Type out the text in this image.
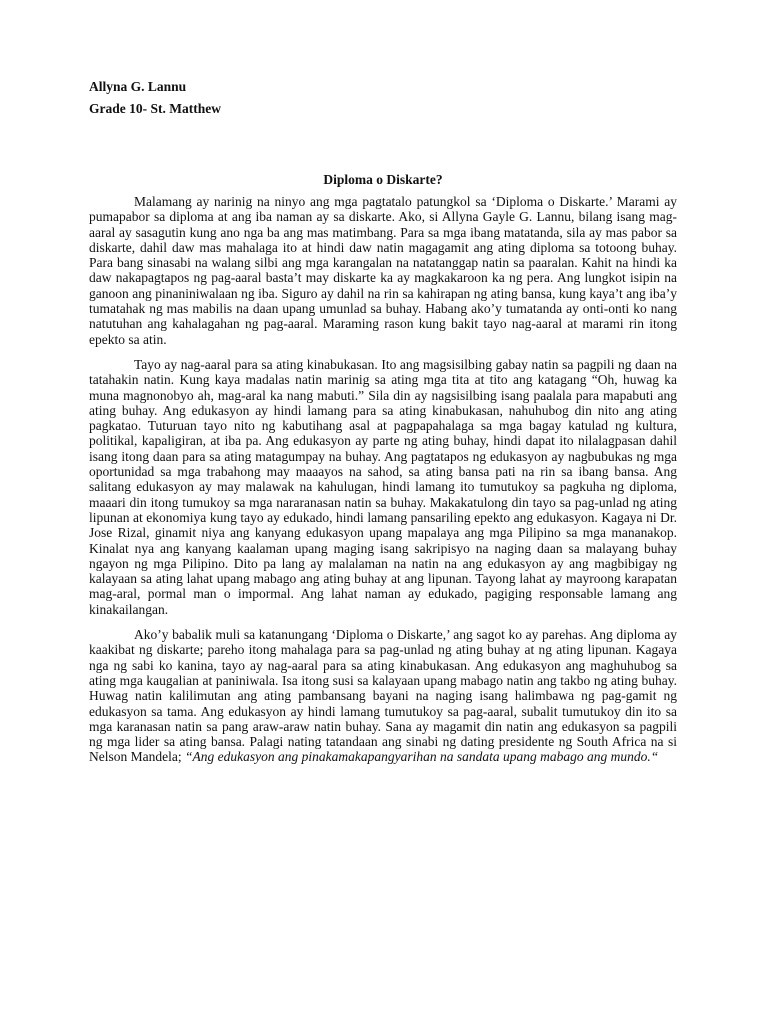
Allyna G. Lannu

Grade 10- St. Matthew

Diploma o Diskarte?

Malamang ay narinig na ninyo ang mga pagtatalo patungkol sa ‘Diploma o Diskarte.’ Marami ay pumapabor sa diploma at ang iba naman ay sa diskarte. Ako, si Allyna Gayle G. Lannu, bilang isang mag-aaral ay sasagutin kung ano nga ba ang mas matimbang. Para sa mga ibang matatanda, sila ay mas pabor sa diskarte, dahil daw mas mahalaga ito at hindi daw natin magagamit ang ating diploma sa totoong buhay. Para bang sinasabi na walang silbi ang mga karangalan na natatanggap natin sa paaralan. Kahit na hindi ka daw nakapagtapos ng pag-aaral basta’t may diskarte ka ay magkakaroon ka ng pera. Ang lungkot isipin na ganoon ang pinaniniwalaan ng iba. Siguro ay dahil na rin sa kahirapan ng ating bansa, kung kaya’t ang iba’y tumatahak ng mas mabilis na daan upang umunlad sa buhay. Habang ako’y tumatanda ay onti-onti ko nang natutuhan ang kahalagahan ng pag-aaral. Maraming rason kung bakit tayo nag-aaral at marami rin itong epekto sa atin.

Tayo ay nag-aaral para sa ating kinabukasan. Ito ang magsisilbing gabay natin sa pagpili ng daan na tatahakin natin. Kung kaya madalas natin marinig sa ating mga tita at tito ang katagang “Oh, huwag ka muna magnonobyo ah, mag-aral ka nang mabuti.” Sila din ay nagsisilbing isang paalala para mapabuti ang ating buhay. Ang edukasyon ay hindi lamang para sa ating kinabukasan, nahuhubog din nito ang ating pagkatao. Tuturuan tayo nito ng kabutihang asal at pagpapahalaga sa mga bagay katulad ng kultura, politikal, kapaligiran, at iba pa. Ang edukasyon ay parte ng ating buhay, hindi dapat ito nilalagpasan dahil isang itong daan para sa ating matagumpay na buhay. Ang pagtatapos ng edukasyon ay nagbubukas ng mga oportunidad sa mga trabahong may maaayos na sahod, sa ating bansa pati na rin sa ibang bansa. Ang salitang edukasyon ay may malawak na kahulugan, hindi lamang ito tumutukoy sa pagkuha ng diploma, maaari din itong tumukoy sa mga nararanasan natin sa buhay. Makakatulong din tayo sa pag-unlad ng ating lipunan at ekonomiya kung tayo ay edukado, hindi lamang pansariling epekto ang edukasyon. Kagaya ni Dr. Jose Rizal, ginamit niya ang kanyang edukasyon upang mapalaya ang mga Pilipino sa mga mananakop. Kinalat nya ang kanyang kaalaman upang maging isang sakripisyo na naging daan sa malayang buhay ngayon ng mga Pilipino. Dito pa lang ay malalaman na natin na ang edukasyon ay ang magbibigay ng kalayaan sa ating lahat upang mabago ang ating buhay at ang lipunan. Tayong lahat ay mayroong karapatan mag-aral, pormal man o impormal. Ang lahat naman ay edukado, pagiging responsable lamang ang kinakailangan.

Ako’y babalik muli sa katanungang ‘Diploma o Diskarte,’ ang sagot ko ay parehas. Ang diploma ay kaakibat ng diskarte; pareho itong mahalaga para sa pag-unlad ng ating buhay at ng ating lipunan. Kagaya nga ng sabi ko kanina, tayo ay nag-aaral para sa ating kinabukasan. Ang edukasyon ang maghuhubog sa ating mga kaugalian at paniniwala. Isa itong susi sa kalayaan upang mabago natin ang takbo ng ating buhay. Huwag natin kalilimutan ang ating pambansang bayani na naging isang halimbawa ng pag-gamit ng edukasyon sa tama. Ang edukasyon ay hindi lamang tumutukoy sa pag-aaral, subalit tumutukoy din ito sa mga karanasan natin sa pang araw-araw natin buhay. Sana ay magamit din natin ang edukasyon sa pagpili ng mga lider sa ating bansa. Palagi nating tatandaan ang sinabi ng dating presidente ng South Africa na si Nelson Mandela; “Ang edukasyon ang pinakamakapangyarihan na sandata upang mabago ang mundo.“
